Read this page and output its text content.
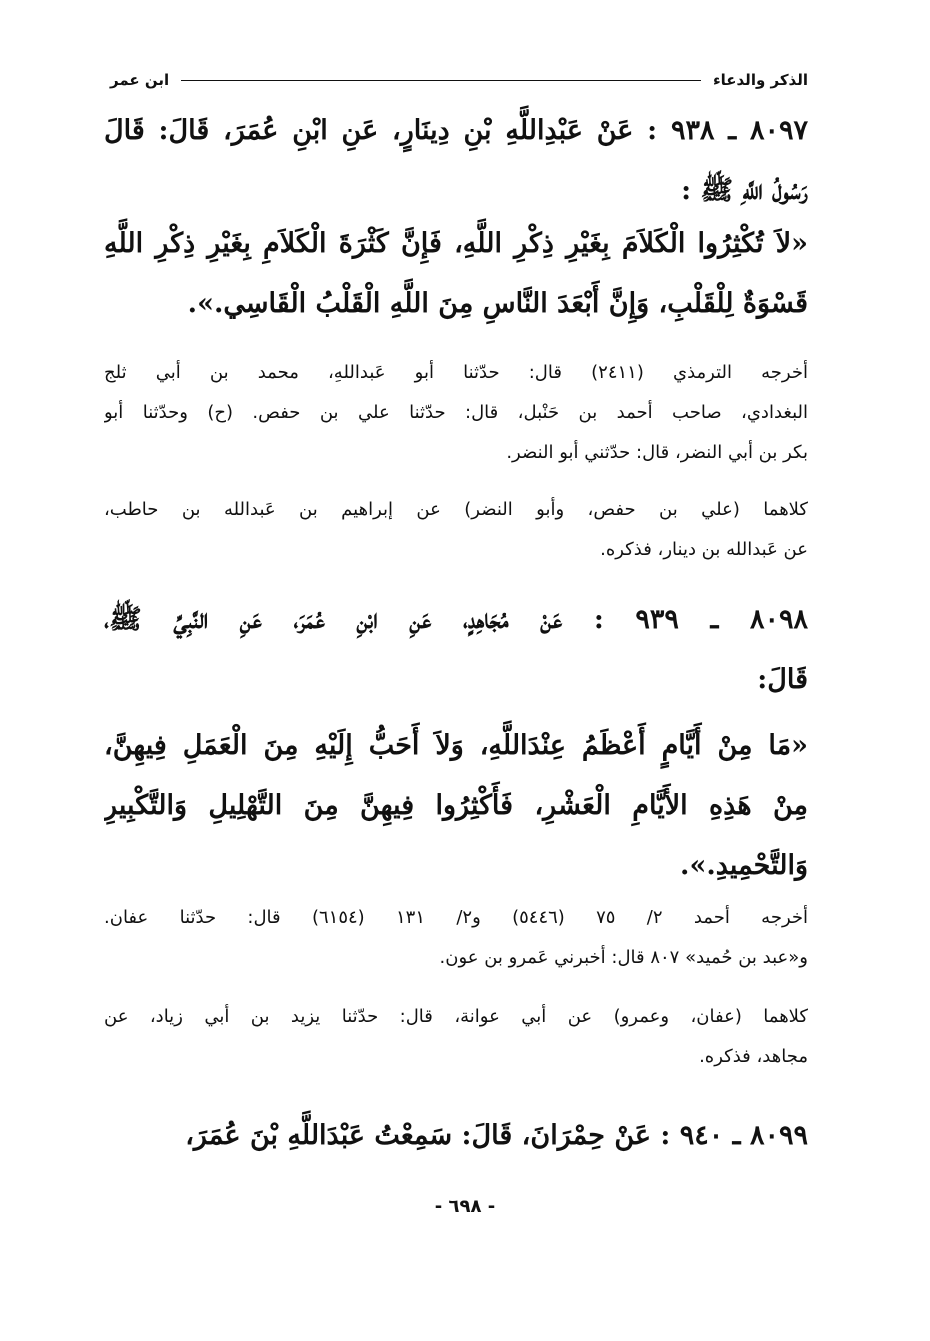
الذكر والدعاء
ابن عمر
٨٠٩٧ ـ ٩٣٨ : عَنْ عَبْدِاللَّهِ بْنِ دِينَارٍ، عَنِ ابْنِ عُمَرَ، قَالَ: قَالَ
رَسُولُ اللَّهِ ﷺ :
«لاَ تُكْثِرُوا الْكَلاَمَ بِغَيْرِ ذِكْرِ اللَّهِ، فَإِنَّ كَثْرَةَ الْكَلاَمِ بِغَيْرِ ذِكْرِ اللَّهِ
قَسْوَةٌ لِلْقَلْبِ، وَإِنَّ أَبْعَدَ النَّاسِ مِنَ اللَّهِ الْقَلْبُ الْقَاسِي.».
أخرجه الترمذي (٢٤١١) قال: حدّثنا أبو عَبداللهِ، محمد بن أبي ثلج
البغدادي، صاحب أحمد بن حَنْبل، قال: حدّثنا علي بن حفص. (ح) وحدّثنا أبو
بكر بن أبي النضر، قال: حدّثني أبو النضر.
كلاهما (علي بن حفص، وأبو النضر) عن إبراهيم بن عَبدالله بن حاطب،
عن عَبدالله بن دينار، فذكره.
٨٠٩٨ ـ ٩٣٩ : عَنْ مُجَاهِدٍ، عَنِ ابْنِ عُمَرَ، عَنِ النَّبِيِّ ﷺ،
قَالَ:
«مَا مِنْ أَيَّامٍ أَعْظَمُ عِنْدَاللَّهِ، وَلاَ أَحَبُّ إِلَيْهِ مِنَ الْعَمَلِ فِيهِنَّ،
مِنْ هَذِهِ الأَيَّامِ الْعَشْرِ، فَأَكْثِرُوا فِيهِنَّ مِنَ التَّهْلِيلِ وَالتَّكْبِيرِ
وَالتَّحْمِيدِ.».
أخرجه أحمد ٢/ ٧٥ (٥٤٤٦) و٢/ ١٣١ (٦١٥٤) قال: حدّثنا عفان.
و«عبد بن حُميد» ٨٠٧ قال: أخبرني عَمرو بن عون.
كلاهما (عفان، وعمرو) عن أبي عوانة، قال: حدّثنا يزيد بن أبي زياد، عن
مجاهد، فذكره.
٨٠٩٩ ـ ٩٤٠ : عَنْ حِمْرَانَ، قَالَ: سَمِعْتُ عَبْدَاللَّهِ بْنَ عُمَرَ،
- ٦٩٨ -
